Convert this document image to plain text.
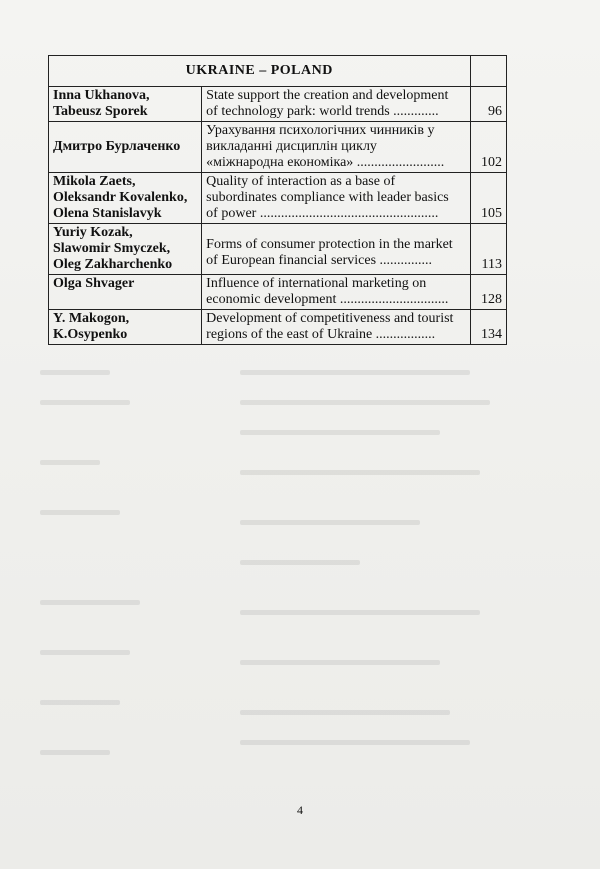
UKRAINE – POLAND		

Inna Ukhanova,
Tabeusz Sporek	State support the creation and development
of technology park: world trends .............	96

Дмитро Бурлаченко	Урахування психологічних чинників у
викладанні дисциплін циклу
«міжнародна економіка» .........................	102

Mikola Zaets,
Oleksandr Kovalenko,
Olena Stanislavyk	Quality of interaction as a base of
subordinates compliance with leader basics
of power ...................................................	105

Yuriy Kozak,
Slawomir Smyczek,
Oleg Zakharchenko	Forms of consumer protection in the market
of European financial services ...............	113

Olga Shvager	Influence of international marketing on
economic development ...............................	128

Y. Makogon,
K.Osypenko	Development of competitiveness and tourist
regions of the east of Ukraine .................	134
4
